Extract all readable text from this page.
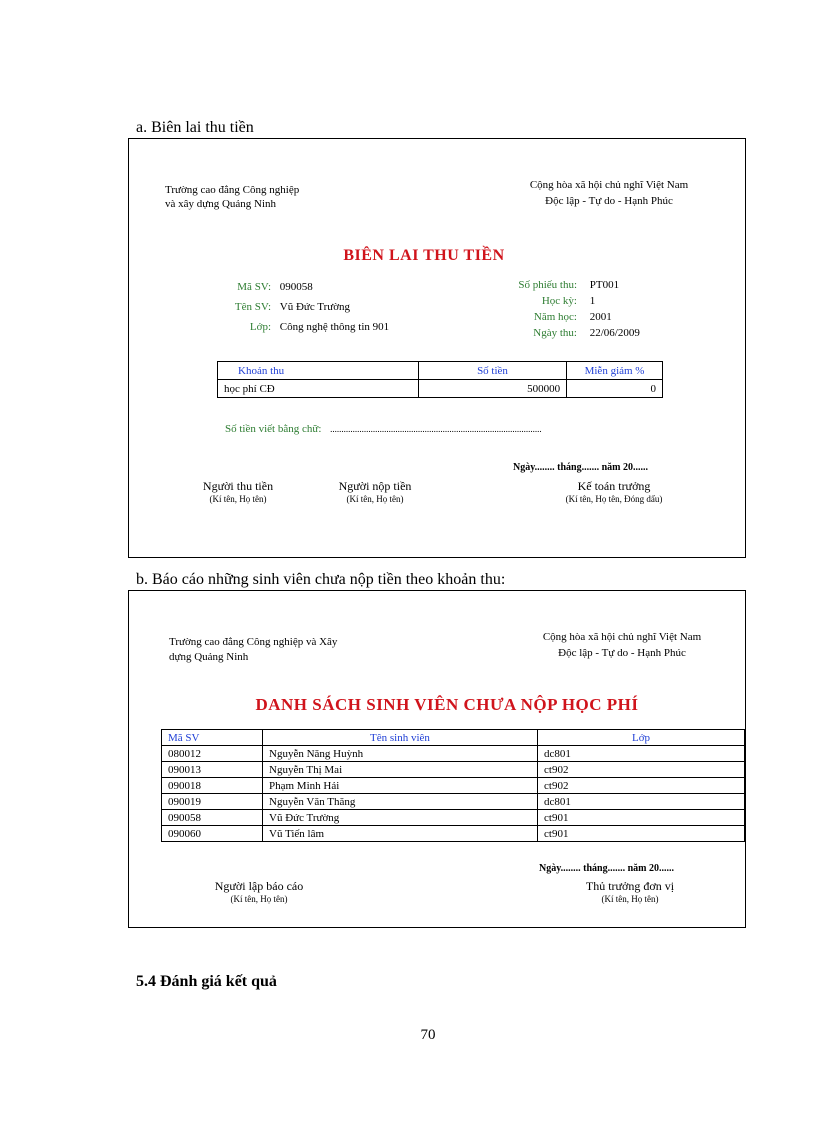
a. Biên lai thu tiền
Trường cao đẳng Công nghiệp
và xây dựng Quảng Ninh
Cộng hòa xã hội chủ nghĩ Việt Nam
Độc lập - Tự do - Hạnh Phúc
BIÊN LAI THU TIỀN
Mã SV: 090058
Tên SV: Vũ Đức Trường
Lớp: Công nghệ thông tin 901
Số phiếu thu: PT001
Học kỳ: 1
Năm học: 2001
Ngày thu: 22/06/2009
Khoản thu	Số tiền	Miễn giảm %
học phí CĐ	500000	0
Số tiền viết bằng chữ: ..............................................................................................
Ngày........ tháng....... năm 20......
Người thu tiền
(Kí tên, Họ tên)
Người nộp tiền
(Kí tên, Họ tên)
Kế toán trưởng
(Kí tên, Họ tên, Đóng dấu)
b. Báo cáo những sinh viên chưa nộp tiền theo khoản thu:
Trường cao đẳng Công nghiệp và Xây
dựng Quảng Ninh
Cộng hòa xã hội chủ nghĩ Việt Nam
Độc lập - Tự do - Hạnh Phúc
DANH SÁCH SINH VIÊN CHƯA NỘP HỌC PHÍ
Mã SV	Tên sinh viên	Lớp
080012	Nguyễn Năng Huỳnh	dc801
090013	Nguyễn Thị Mai	ct902
090018	Phạm Minh Hải	ct902
090019	Nguyễn Văn Thăng	dc801
090058	Vũ Đức Trường	ct901
090060	Vũ Tiến lâm	ct901
Ngày........ tháng....... năm 20......
Người lập báo cáo
(Kí tên, Họ tên)
Thủ trưởng đơn vị
(Kí tên, Họ tên)
5.4 Đánh giá kết quả
70
